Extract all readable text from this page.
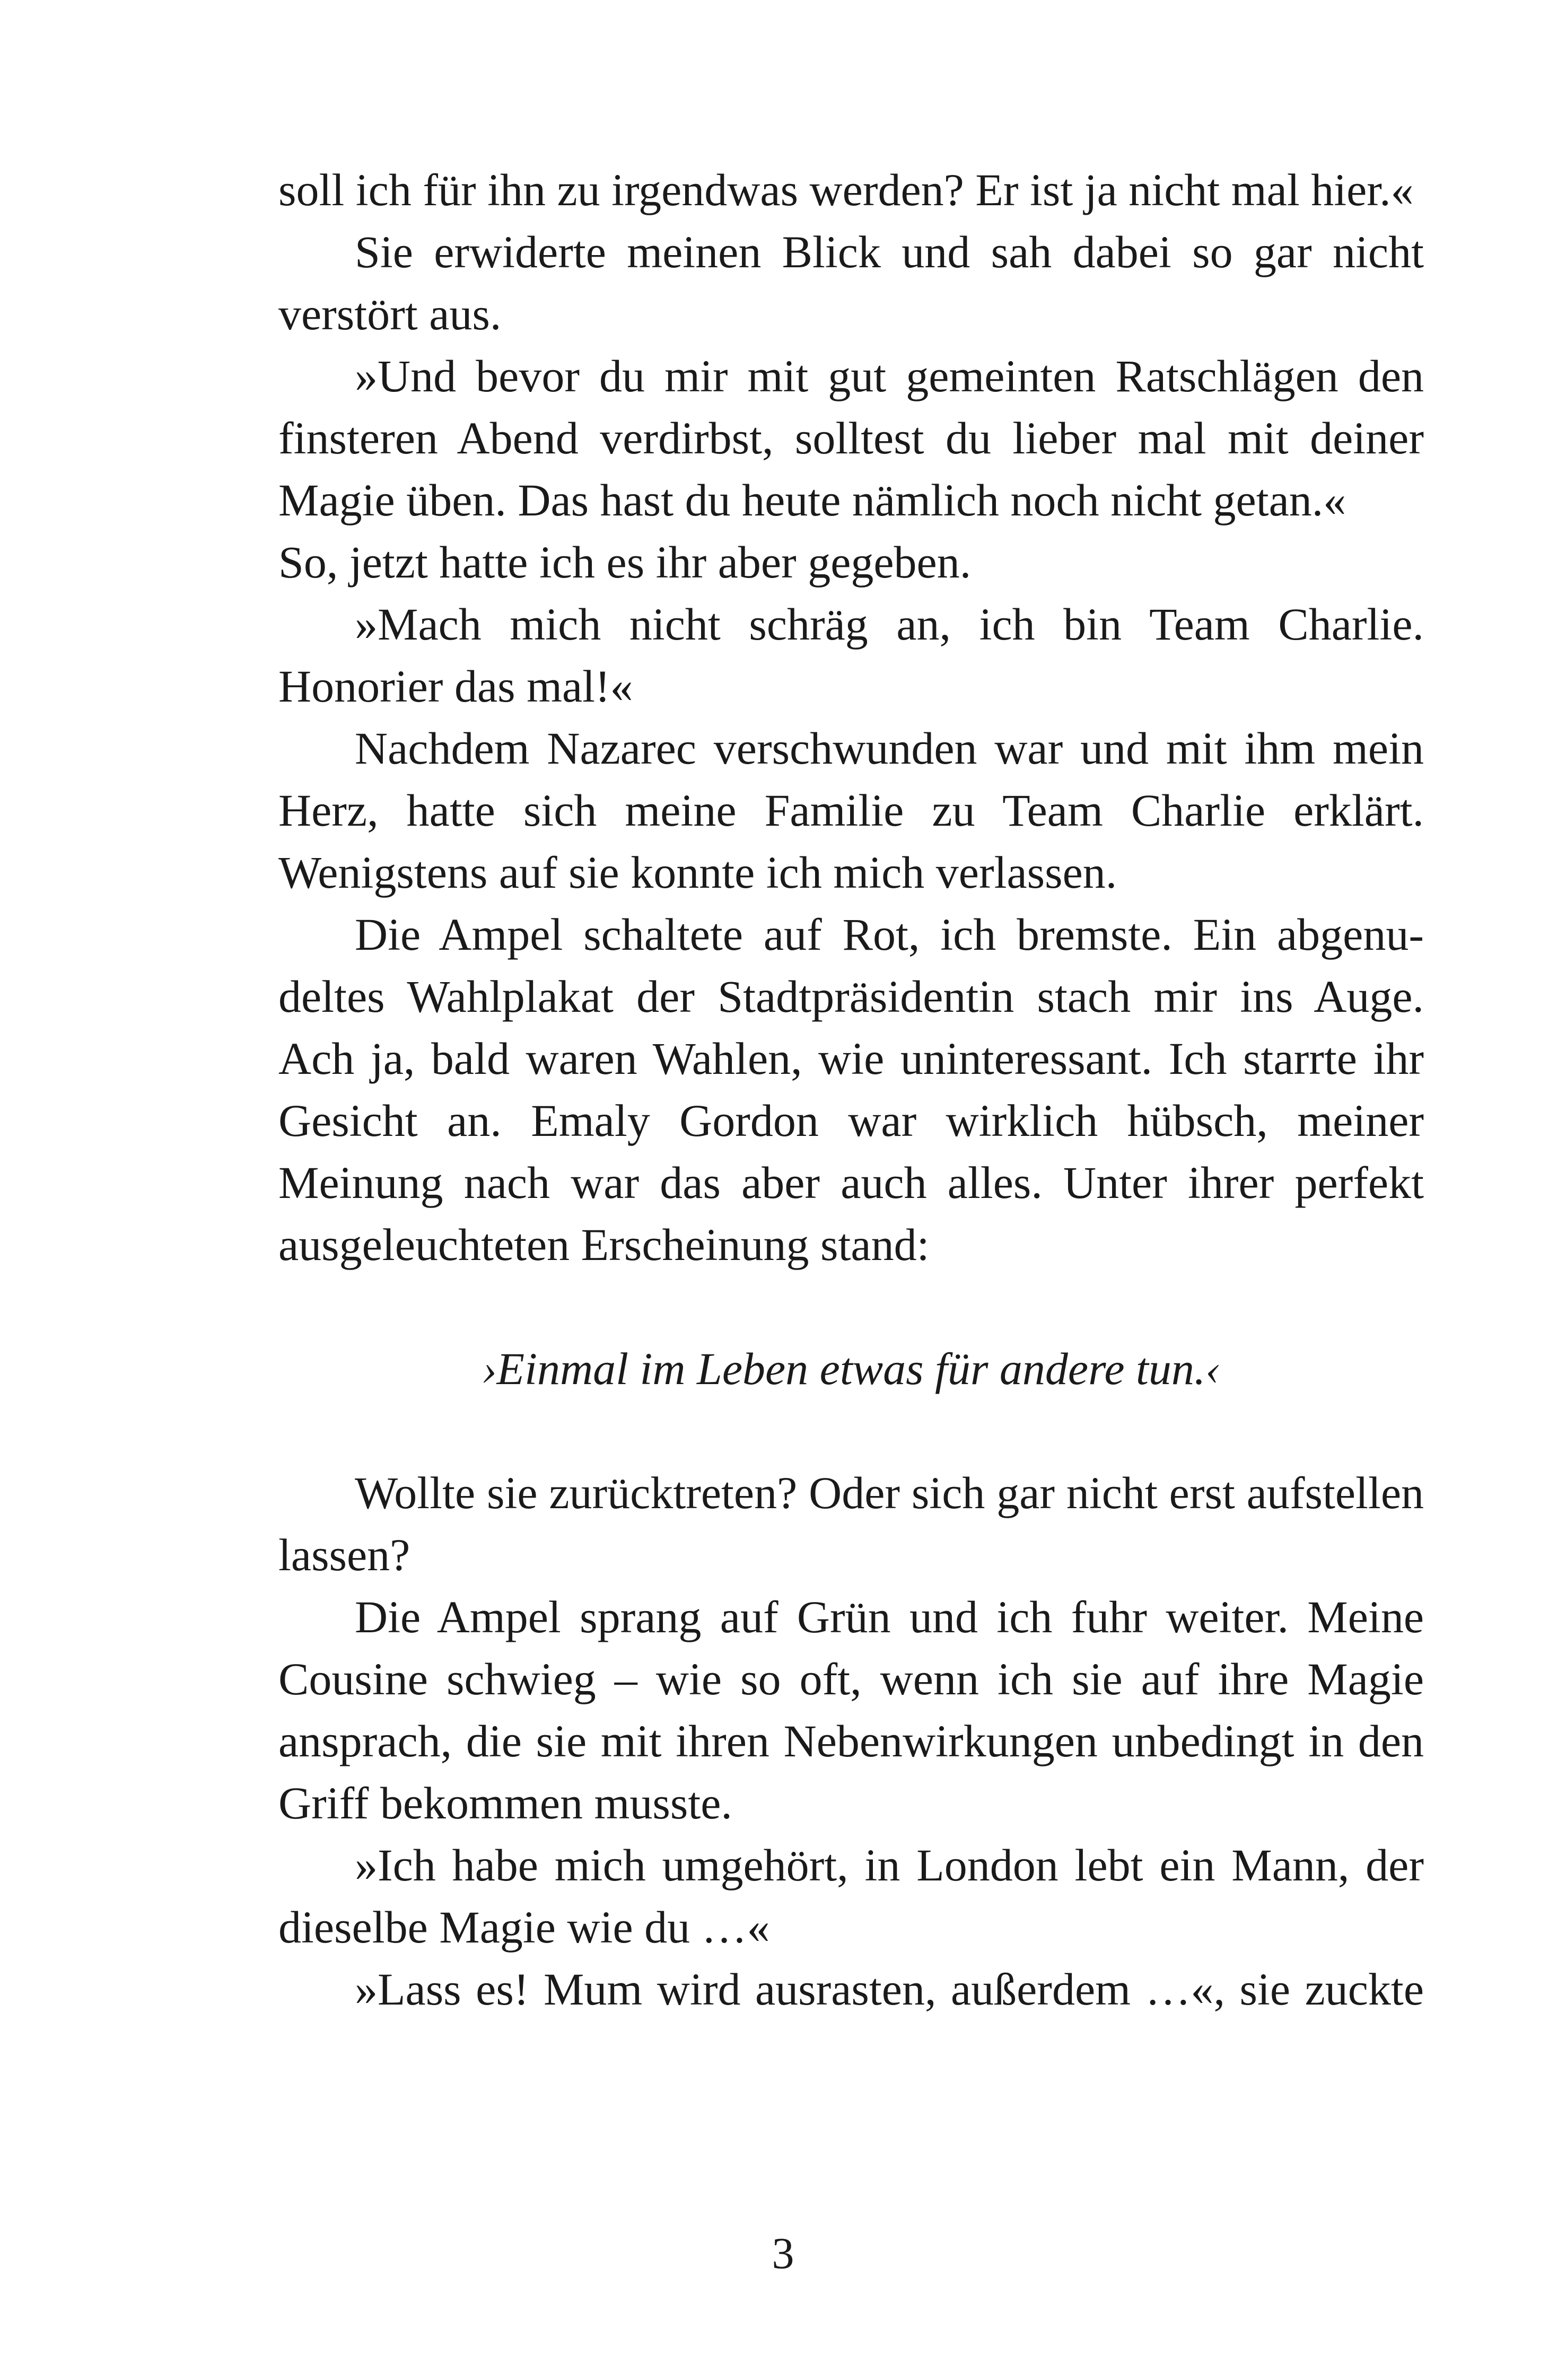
soll ich für ihn zu irgendwas werden? Er ist ja nicht mal hier.«

Sie erwiderte meinen Blick und sah dabei so gar nicht verstört aus.

»Und bevor du mir mit gut gemeinten Ratschlägen den finsteren Abend verdirbst, solltest du lieber mal mit deiner Magie üben. Das hast du heute nämlich noch nicht getan.«

So, jetzt hatte ich es ihr aber gegeben.

»Mach mich nicht schräg an, ich bin Team Charlie. Honorier das mal!«

Nachdem Nazarec verschwunden war und mit ihm mein Herz, hatte sich meine Familie zu Team Charlie erklärt. Wenigstens auf sie konnte ich mich verlassen.

Die Ampel schaltete auf Rot, ich bremste. Ein abgenudeltes Wahlplakat der Stadtpräsidentin stach mir ins Auge. Ach ja, bald waren Wahlen, wie uninteressant. Ich starrte ihr Gesicht an. Emaly Gordon war wirklich hübsch, meiner Meinung nach war das aber auch alles. Unter ihrer perfekt ausgeleuchteten Erscheinung stand:

›Einmal im Leben etwas für andere tun.‹

Wollte sie zurücktreten? Oder sich gar nicht erst aufstellen lassen?

Die Ampel sprang auf Grün und ich fuhr weiter. Meine Cousine schwieg – wie so oft, wenn ich sie auf ihre Magie ansprach, die sie mit ihren Nebenwirkungen unbedingt in den Griff bekommen musste.

»Ich habe mich umgehört, in London lebt ein Mann, der dieselbe Magie wie du …«

»Lass es! Mum wird ausrasten, außerdem …«, sie zuckte

3
